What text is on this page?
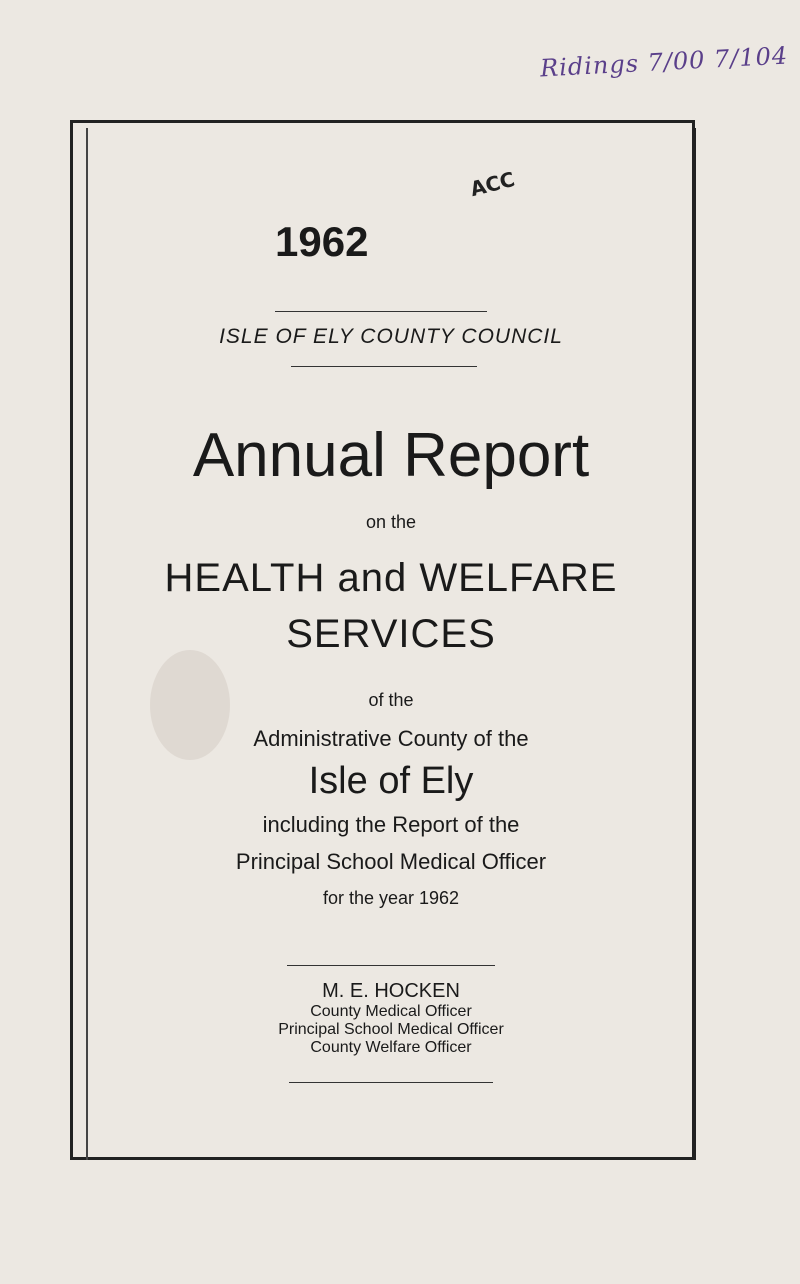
Ridings 7/00 7/104
ACC
1962
ISLE OF ELY COUNTY COUNCIL
Annual Report
on the
HEALTH and WELFARE
SERVICES
of the
Administrative County of the
Isle of Ely
including the Report of the
Principal School Medical Officer
for the year 1962
M. E. HOCKEN
County Medical Officer
Principal School Medical Officer
County Welfare Officer
